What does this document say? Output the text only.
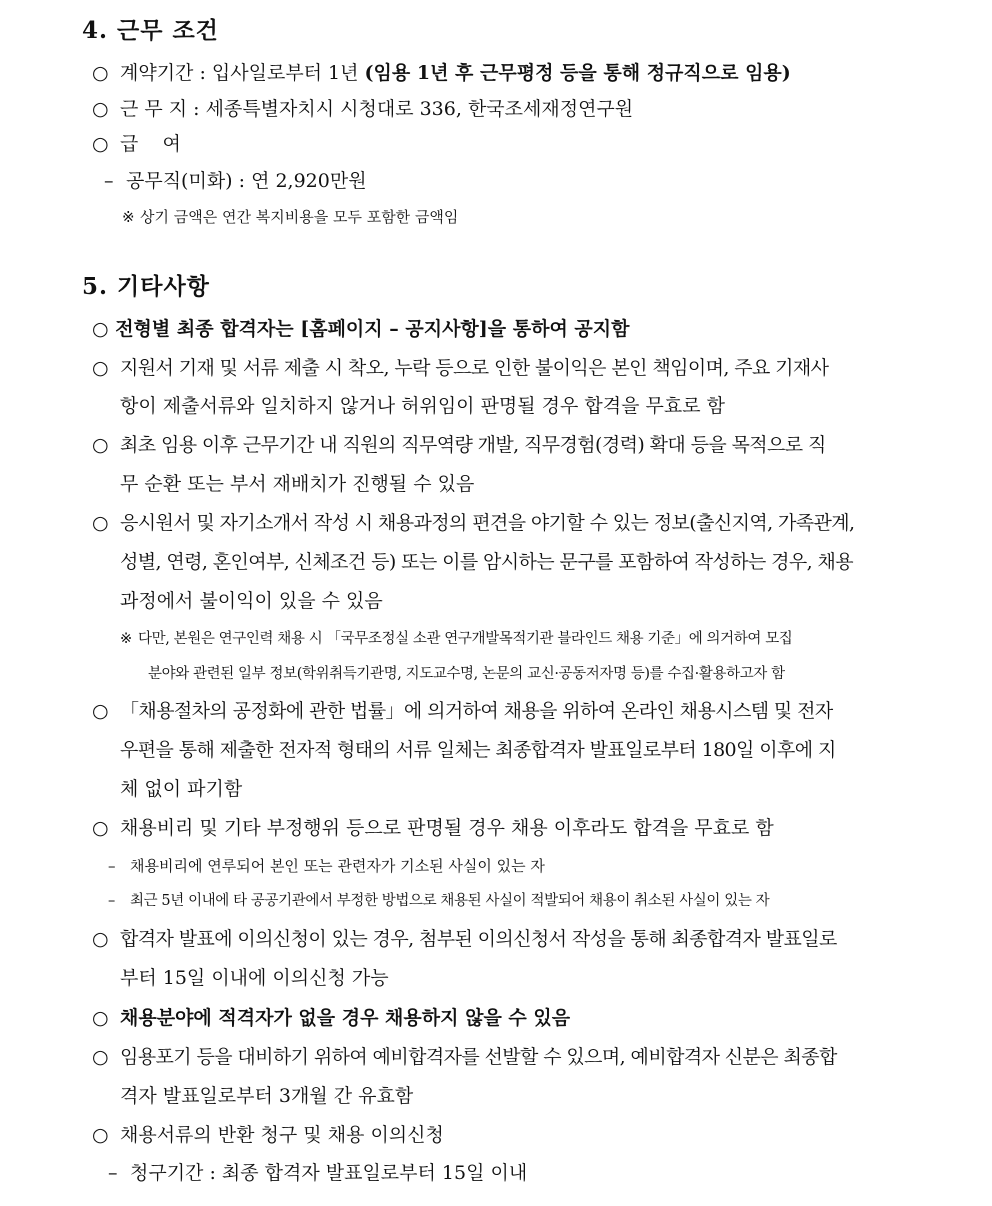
4. 근무 조건
○ 계약기간 : 입사일로부터 1년 (임용 1년 후 근무평정 등을 통해 정규직으로 임용)
○ 근 무 지 : 세종특별자치시 시청대로 336, 한국조세재정연구원
○ 급    여
– 공무직(미화) : 연 2,920만원
※ 상기 금액은 연간 복지비용을 모두 포함한 금액임
5. 기타사항
○ 전형별 최종 합격자는 [홈페이지 – 공지사항]을 통하여 공지함
○ 지원서 기재 및 서류 제출 시 착오, 누락 등으로 인한 불이익은 본인 책임이며, 주요 기재사
항이 제출서류와 일치하지 않거나 허위임이 판명될 경우 합격을 무효로 함
○ 최초 임용 이후 근무기간 내 직원의 직무역량 개발, 직무경험(경력) 확대 등을 목적으로 직
무 순환 또는 부서 재배치가 진행될 수 있음
○ 응시원서 및 자기소개서 작성 시 채용과정의 편견을 야기할 수 있는 정보(출신지역, 가족관계,
성별, 연령, 혼인여부, 신체조건 등) 또는 이를 암시하는 문구를 포함하여 작성하는 경우, 채용
과정에서 불이익이 있을 수 있음
※ 다만, 본원은 연구인력 채용 시 「국무조정실 소관 연구개발목적기관 블라인드 채용 기준」에 의거하여 모집
분야와 관련된 일부 정보(학위취득기관명, 지도교수명, 논문의 교신·공동저자명 등)를 수집·활용하고자 함
○ 「채용절차의 공정화에 관한 법률」에 의거하여 채용을 위하여 온라인 채용시스템 및 전자
우편을 통해 제출한 전자적 형태의 서류 일체는 최종합격자 발표일로부터 180일 이후에 지
체 없이 파기함
○ 채용비리 및 기타 부정행위 등으로 판명될 경우 채용 이후라도 합격을 무효로 함
– 채용비리에 연루되어 본인 또는 관련자가 기소된 사실이 있는 자
– 최근 5년 이내에 타 공공기관에서 부정한 방법으로 채용된 사실이 적발되어 채용이 취소된 사실이 있는 자
○ 합격자 발표에 이의신청이 있는 경우, 첨부된 이의신청서 작성을 통해 최종합격자 발표일로
부터 15일 이내에 이의신청 가능
○ 채용분야에 적격자가 없을 경우 채용하지 않을 수 있음
○ 임용포기 등을 대비하기 위하여 예비합격자를 선발할 수 있으며, 예비합격자 신분은 최종합
격자 발표일로부터 3개월 간 유효함
○ 채용서류의 반환 청구 및 채용 이의신청
– 청구기간 : 최종 합격자 발표일로부터 15일 이내
